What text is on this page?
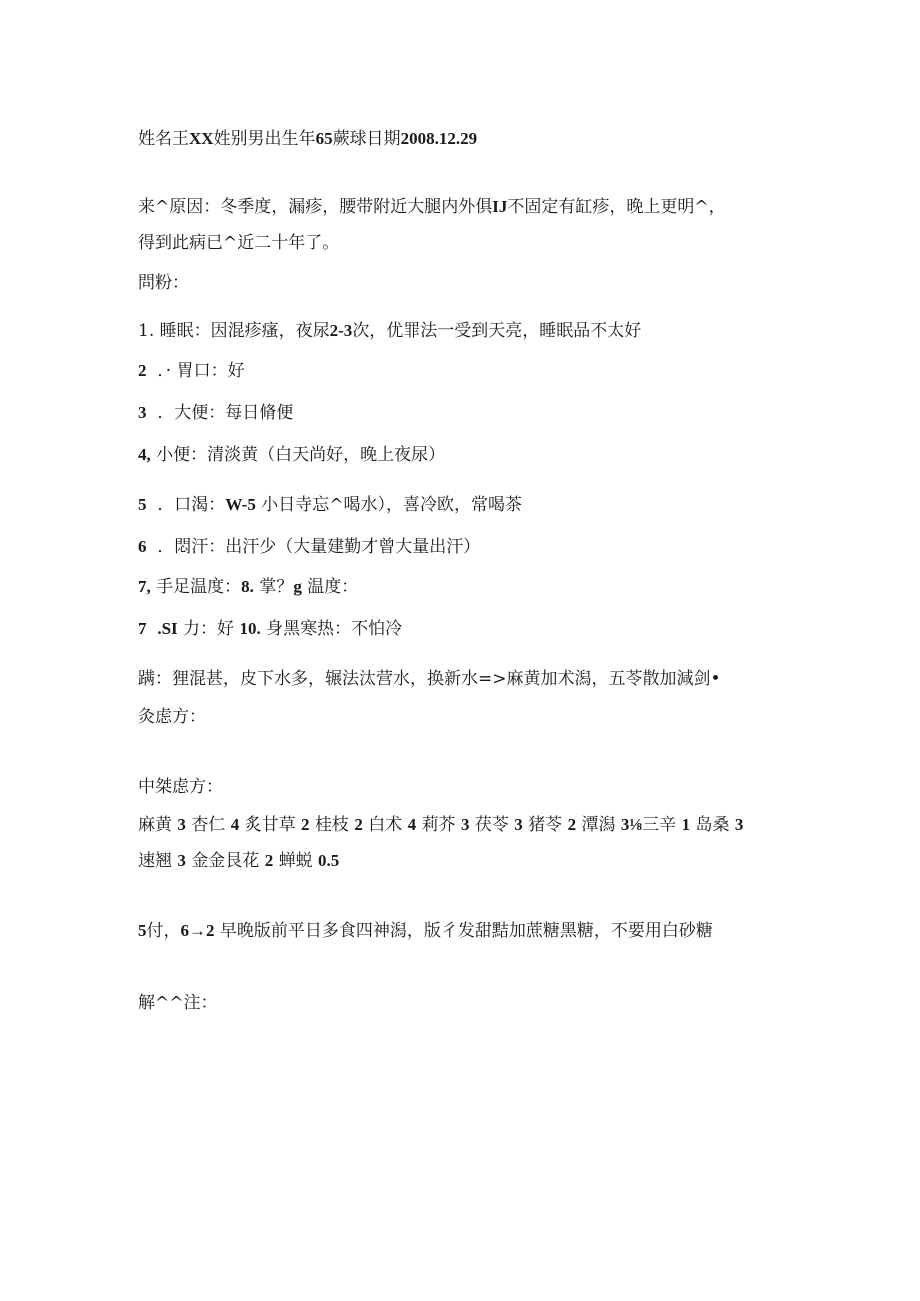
姓名王XX姓别男出生年65蕨球日期2008.12.29
来^原因：冬季度，漏疹，腰带附近大腿内外俱IJ不固定有缸疹，晚上更明^，
得到此病已^近二十年了。
問粉：
1. 睡眠：因混疹瘙，夜尿2-3次，优罪法一受到天亮，睡眠品不太好
2 ．· 胃口：好
3 ．大便：每日脩便
4, 小便：清淡黄（白天尚好，晚上夜尿）
5 ．口渴：W-5 小日寺忘^喝水），喜冷欧，常喝茶
6 ．悶汗：出汗少（大量建勤才曾大量出汗）
7, 手足温度：8. 掌？g 温度：
7 .SI 力：好 10. 身黑寒热：不怕冷
蹒：狸混甚，皮下水多，辗法汰营水，换新水=>麻黄加术潟，五苓散加減剑•
灸虑方：
中桀虑方：
麻黄 3 杏仁 4 炙甘草 2 桂枝 2 白术 4 莉芥 3 茯苓 3 猪苓 2 潭潟 3⅛三辛 1 岛桑 3
速翘 3 金金艮花 2 蝉蜕 0.5
5付，6→2 早晚版前平日多食四神潟，版彳发甜黠加蔗糖黑糖，不要用白砂糖
解^^注：
